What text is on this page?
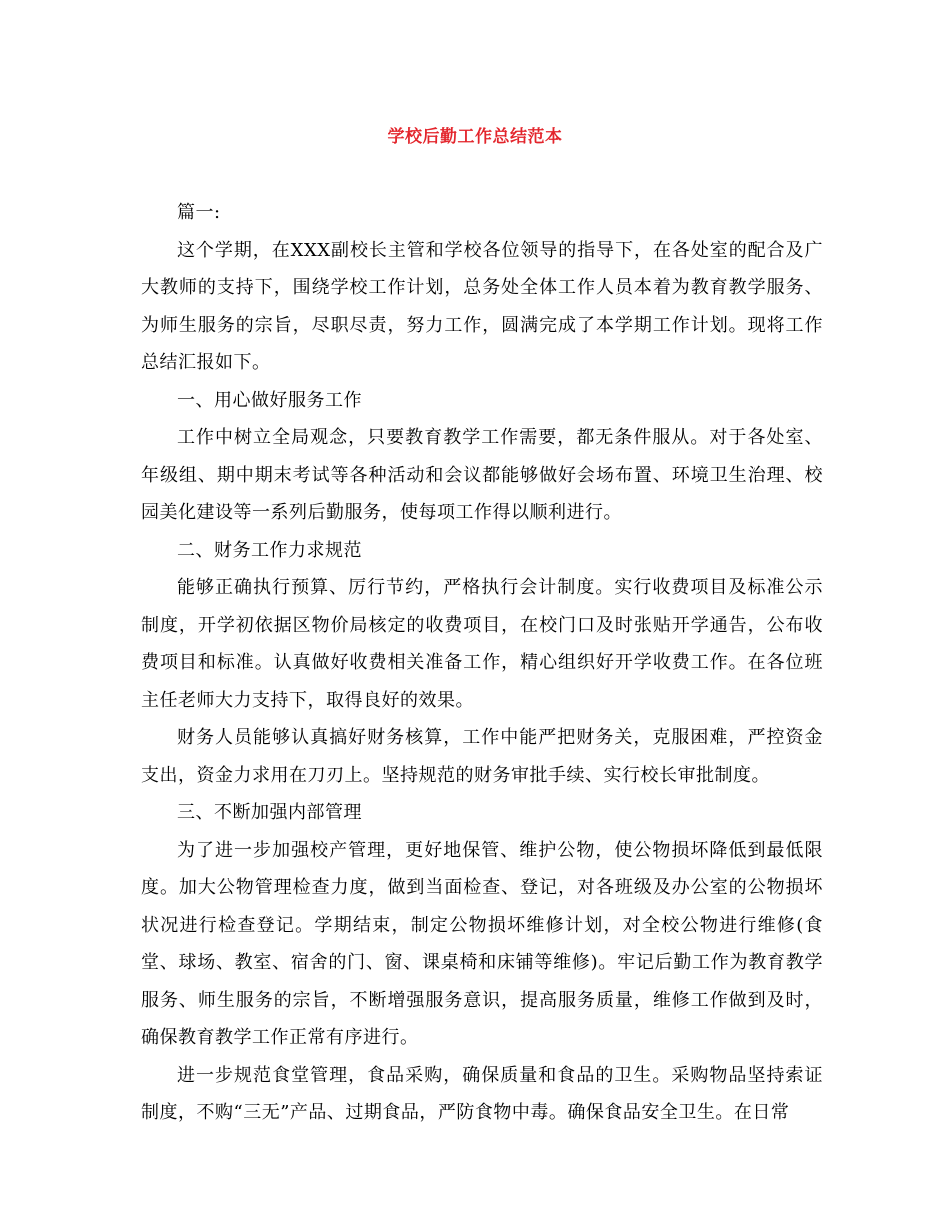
学校后勤工作总结范本

篇一:

这个学期，在XXX副校长主管和学校各位领导的指导下，在各处室的配合及广大教师的支持下，围绕学校工作计划，总务处全体工作人员本着为教育教学服务、为师生服务的宗旨，尽职尽责，努力工作，圆满完成了本学期工作计划。现将工作总结汇报如下。

一、用心做好服务工作

工作中树立全局观念，只要教育教学工作需要，都无条件服从。对于各处室、年级组、期中期末考试等各种活动和会议都能够做好会场布置、环境卫生治理、校园美化建设等一系列后勤服务，使每项工作得以顺利进行。

二、财务工作力求规范

能够正确执行预算、厉行节约，严格执行会计制度。实行收费项目及标准公示制度，开学初依据区物价局核定的收费项目，在校门口及时张贴开学通告，公布收费项目和标准。认真做好收费相关准备工作，精心组织好开学收费工作。在各位班主任老师大力支持下，取得良好的效果。

财务人员能够认真搞好财务核算，工作中能严把财务关，克服困难，严控资金支出，资金力求用在刀刃上。坚持规范的财务审批手续、实行校长审批制度。

三、不断加强内部管理

为了进一步加强校产管理，更好地保管、维护公物，使公物损坏降低到最低限度。加大公物管理检查力度，做到当面检查、登记，对各班级及办公室的公物损坏状况进行检查登记。学期结束，制定公物损坏维修计划，对全校公物进行维修(食堂、球场、教室、宿舍的门、窗、课桌椅和床铺等维修)。牢记后勤工作为教育教学服务、师生服务的宗旨，不断增强服务意识，提高服务质量，维修工作做到及时，确保教育教学工作正常有序进行。

进一步规范食堂管理，食品采购，确保质量和食品的卫生。采购物品坚持索证制度，不购“三无”产品、过期食品，严防食物中毒。确保食品安全卫生。在日常
